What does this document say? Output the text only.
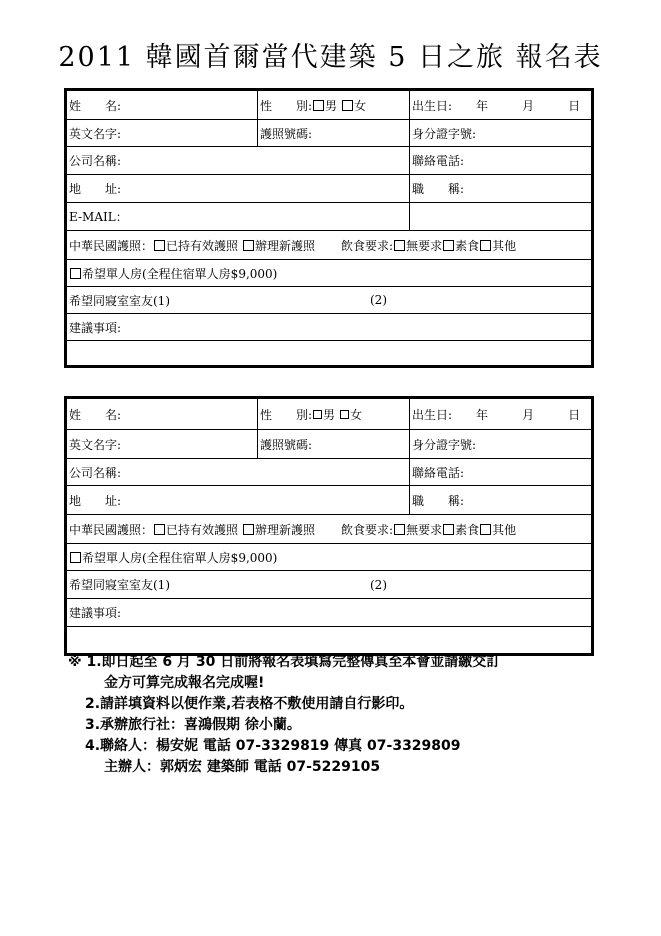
2011 韓國首爾當代建築 5 日之旅 報名表
姓　　名:	性　　別: 男 女	出生日: 年	月	日
英文名字:	護照號碼:	身分證字號:
公司名稱:	聯絡電話:
地　　址:	職　　稱:
E-MAIL：
中華民國護照： 已持有效護照 辦理新護照 飲食要求: 無要求 素食 其他
希望單人房(全程住宿單人房$9,000)
希望同寢室室友(1)	(2)
建議事項:
姓　　名:	性　　別: 男 女	出生日: 年	月	日
英文名字:	護照號碼:	身分證字號:
公司名稱:	聯絡電話:
地　　址:	職　　稱:
中華民國護照： 已持有效護照 辦理新護照 飲食要求: 無要求 素食 其他
希望單人房(全程住宿單人房$9,000)
希望同寢室室友(1)	(2)
建議事項:
※ 1.即日起至 6 月 30 日前將報名表填寫完整傳真至本會並請繳交訂
金方可算完成報名完成喔!
2.請詳填資料以便作業,若表格不敷使用請自行影印。
3.承辦旅行社：喜鴻假期 徐小蘭。
4.聯絡人：楊安妮 電話 07-3329819 傳真 07-3329809
主辦人：郭炳宏 建築師 電話 07-5229105
